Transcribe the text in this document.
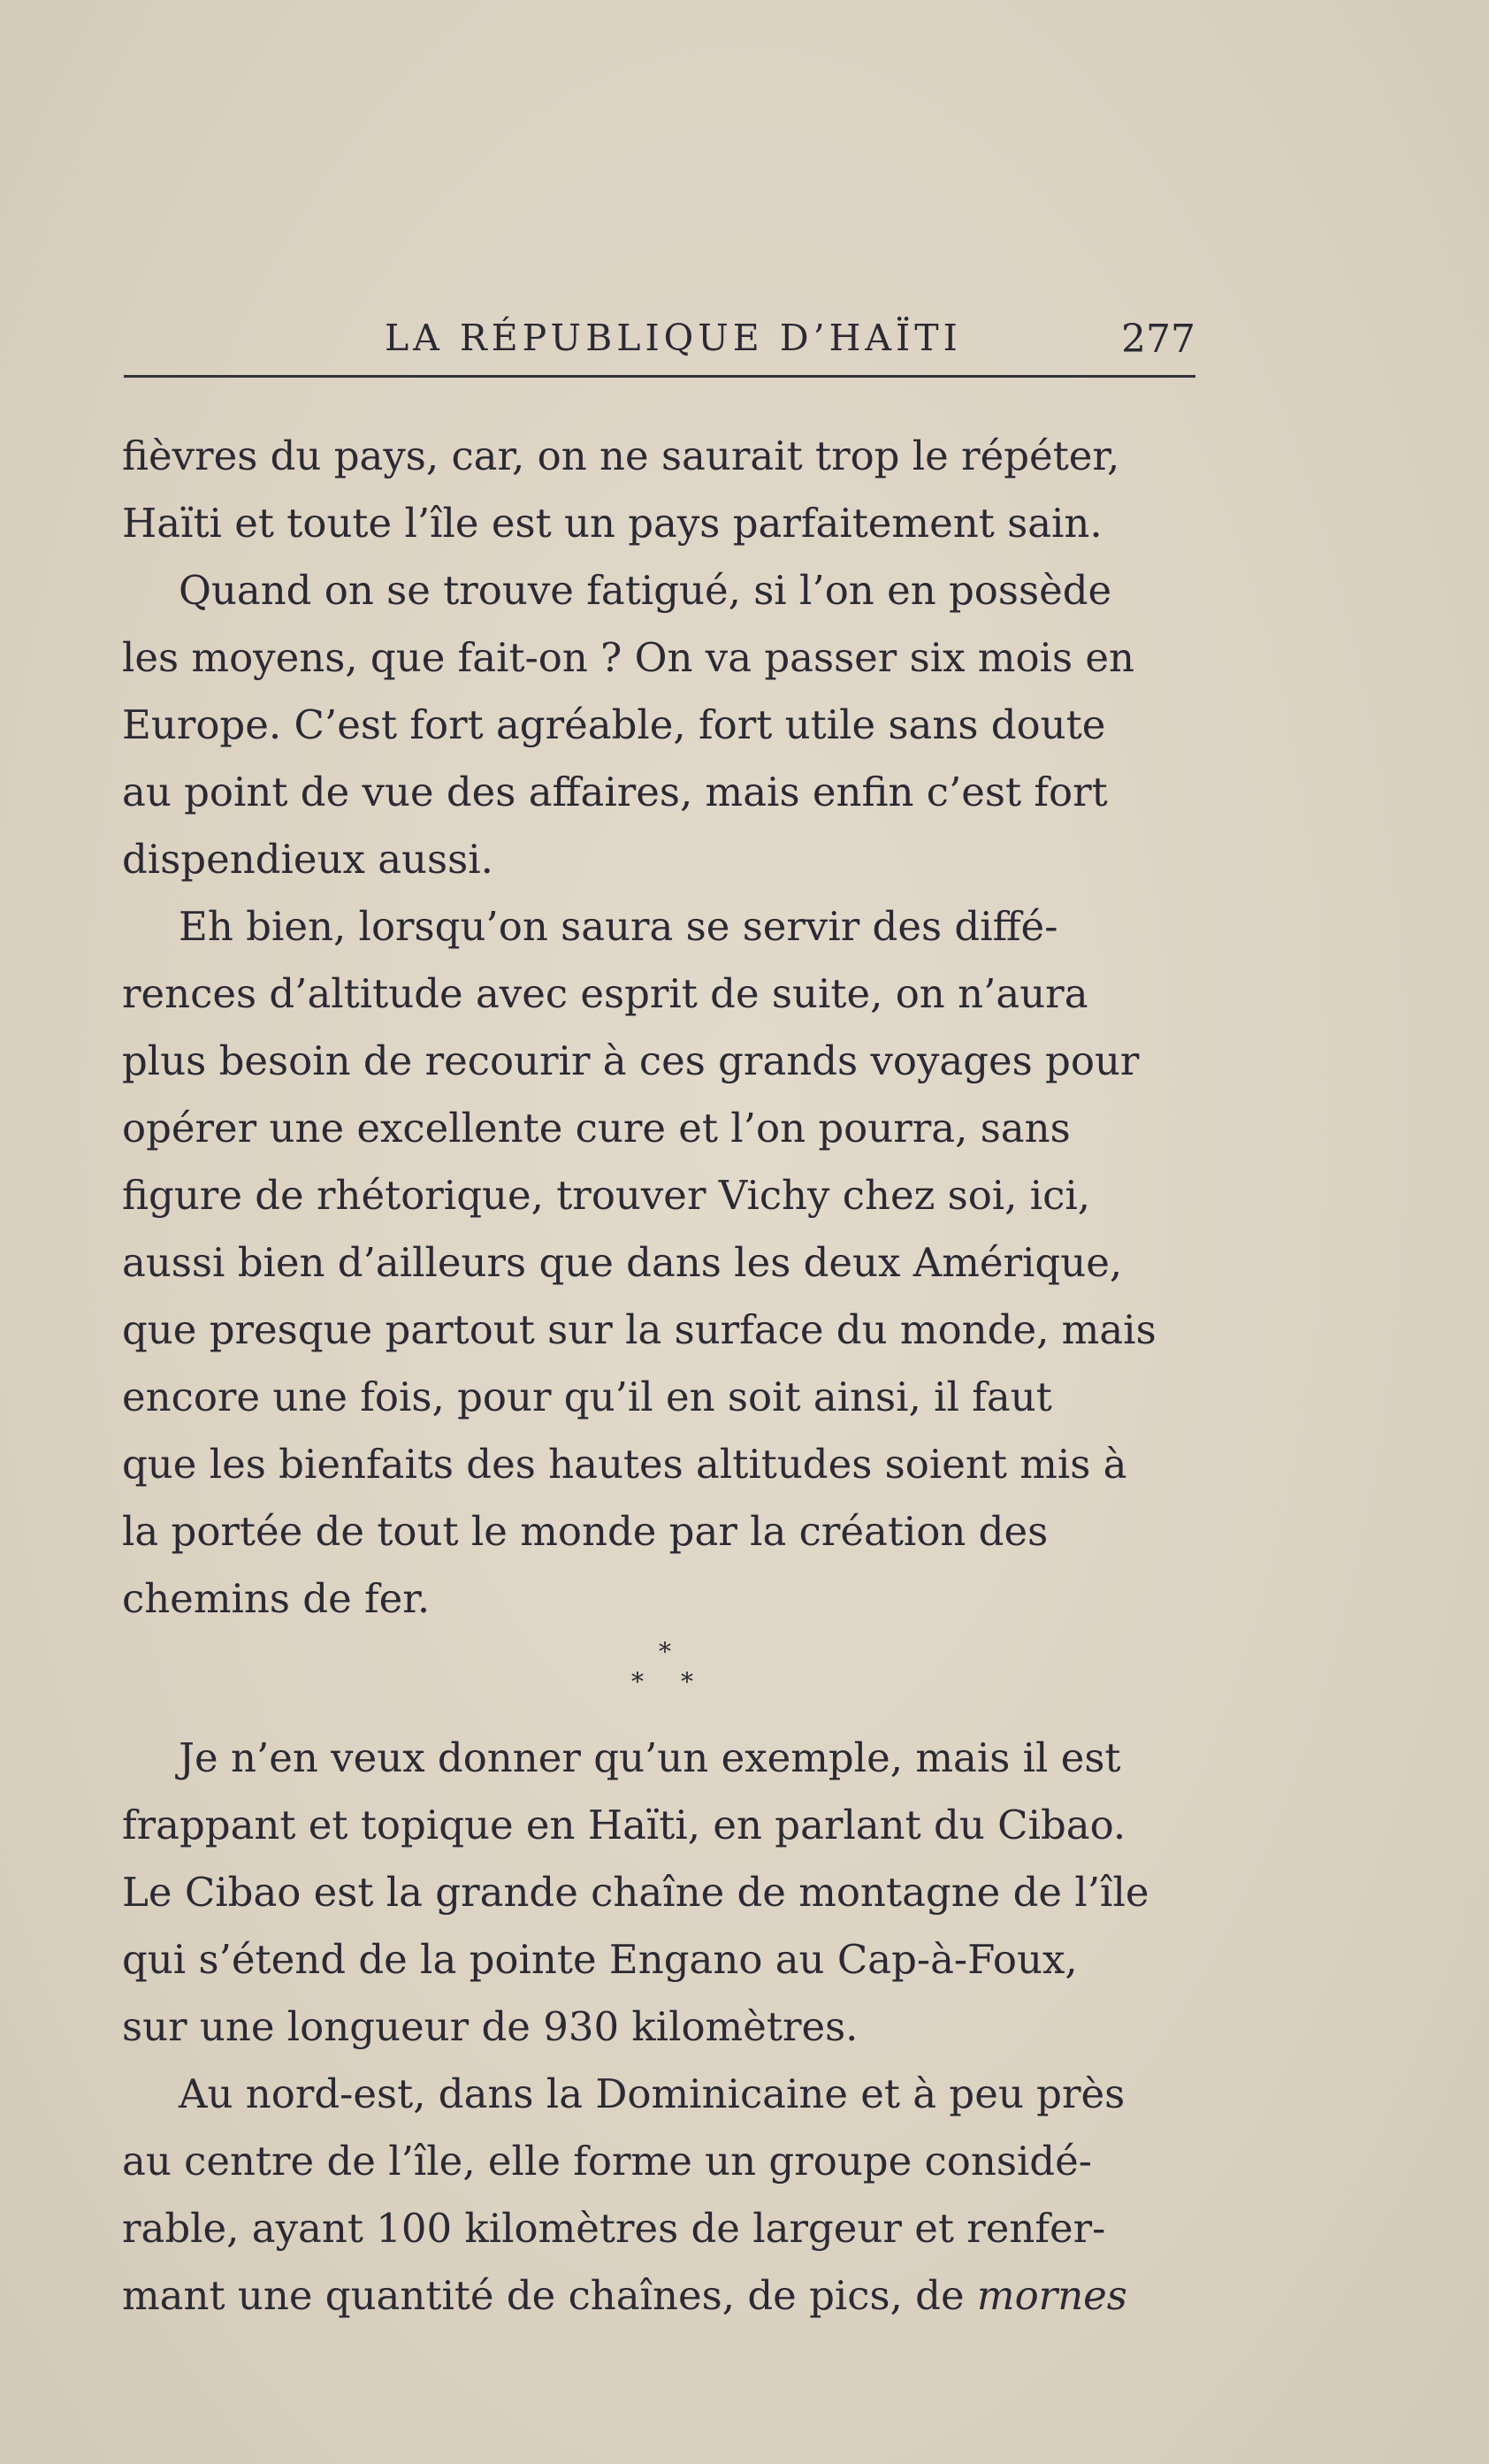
LA RÉPUBLIQUE D’HAÏTI	277
fièvres du pays, car, on ne saurait trop le répéter,
Haïti et toute l’île est un pays parfaitement sain.
Quand on se trouve fatigué, si l’on en possède
les moyens, que fait-on ? On va passer six mois en
Europe. C’est fort agréable, fort utile sans doute
au point de vue des affaires, mais enfin c’est fort
dispendieux aussi.
Eh bien, lorsqu’on saura se servir des diffé-
rences d’altitude avec esprit de suite, on n’aura
plus besoin de recourir à ces grands voyages pour
opérer une excellente cure et l’on pourra, sans
figure de rhétorique, trouver Vichy chez soi, ici,
aussi bien d’ailleurs que dans les deux Amérique,
que presque partout sur la surface du monde, mais
encore une fois, pour qu’il en soit ainsi, il faut
que les bienfaits des hautes altitudes soient mis à
la portée de tout le monde par la création des
chemins de fer.
*
* *
Je n’en veux donner qu’un exemple, mais il est
frappant et topique en Haïti, en parlant du Cibao.
Le Cibao est la grande chaîne de montagne de l’île
qui s’étend de la pointe Engano au Cap-à-Foux,
sur une longueur de 930 kilomètres.
Au nord-est, dans la Dominicaine et à peu près
au centre de l’île, elle forme un groupe considé-
rable, ayant 100 kilomètres de largeur et renfer-
mant une quantité de chaînes, de pics, de mornes
